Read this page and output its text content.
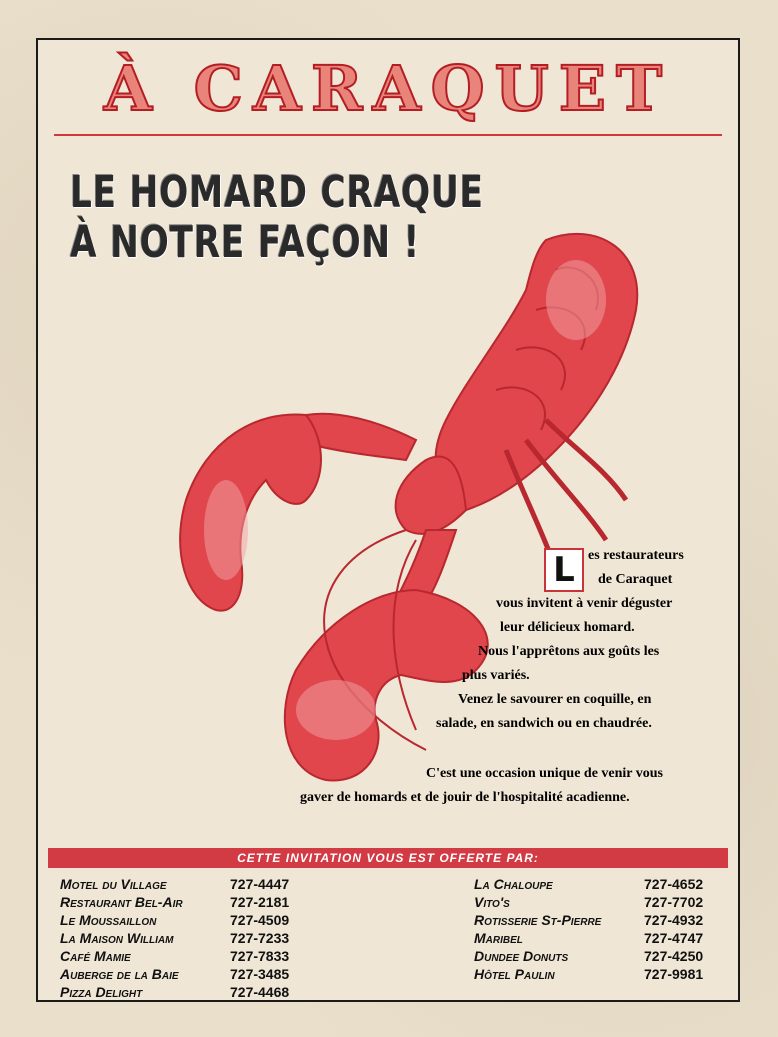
À CARAQUET
LE HOMARD CRAQUE
À NOTRE FAÇON !
L es restaurateurs
de Caraquet
vous invitent à venir déguster
leur délicieux homard.
Nous l'apprêtons aux goûts les
plus variés.
Venez le savourer en coquille, en
salade, en sandwich ou en chaudrée.
C'est une occasion unique de venir vous
gaver de homards et de jouir de l'hospitalité acadienne.
CETTE INVITATION VOUS EST OFFERTE PAR:
Motel du Village	727-4447
Restaurant Bel-Air	727-2181
Le Moussaillon	727-4509
La Maison William	727-7233
Café Mamie	727-7833
Auberge de la Baie	727-3485
Pizza Delight	727-4468
La Chaloupe	727-4652
Vito's	727-7702
Rotisserie St-Pierre	727-4932
Maribel	727-4747
Dundee Donuts	727-4250
Hôtel Paulin	727-9981
